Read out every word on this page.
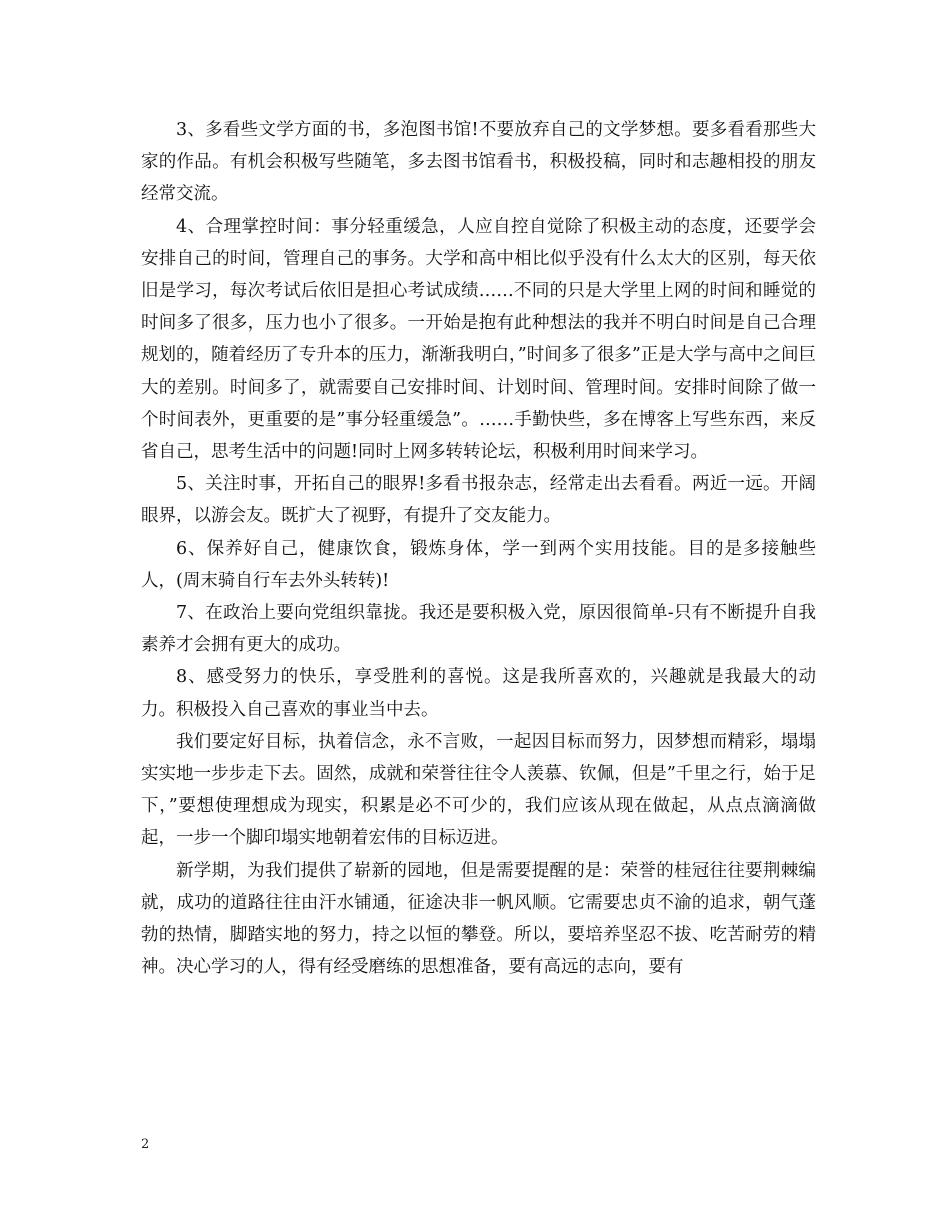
3、多看些文学方面的书，多泡图书馆!不要放弃自己的文学梦想。要多看看那些大家的作品。有机会积极写些随笔，多去图书馆看书，积极投稿，同时和志趣相投的朋友经常交流。

4、合理掌控时间：事分轻重缓急，人应自控自觉除了积极主动的态度，还要学会安排自己的时间，管理自己的事务。大学和高中相比似乎没有什么太大的区别，每天依旧是学习，每次考试后依旧是担心考试成绩……不同的只是大学里上网的时间和睡觉的时间多了很多，压力也小了很多。一开始是抱有此种想法的我并不明白时间是自己合理规划的，随着经历了专升本的压力，渐渐我明白，”时间多了很多”正是大学与高中之间巨大的差别。时间多了，就需要自己安排时间、计划时间、管理时间。安排时间除了做一个时间表外，更重要的是”事分轻重缓急”。……手勤快些，多在博客上写些东西，来反省自己，思考生活中的问题!同时上网多转转论坛，积极利用时间来学习。

5、关注时事，开拓自己的眼界!多看书报杂志，经常走出去看看。两近一远。开阔眼界，以游会友。既扩大了视野，有提升了交友能力。

6、保养好自己，健康饮食，锻炼身体，学一到两个实用技能。目的是多接触些人，(周末骑自行车去外头转转)!

7、在政治上要向党组织靠拢。我还是要积极入党，原因很简单-只有不断提升自我素养才会拥有更大的成功。

8、感受努力的快乐，享受胜利的喜悦。这是我所喜欢的，兴趣就是我最大的动力。积极投入自己喜欢的事业当中去。

我们要定好目标，执着信念，永不言败，一起因目标而努力，因梦想而精彩，塌塌实实地一步步走下去。固然，成就和荣誉往往令人羡慕、钦佩，但是”千里之行，始于足下，”要想使理想成为现实，积累是必不可少的，我们应该从现在做起，从点点滴滴做起，一步一个脚印塌实地朝着宏伟的目标迈进。

新学期，为我们提供了崭新的园地，但是需要提醒的是：荣誉的桂冠往往要荆棘编就，成功的道路往往由汗水铺通，征途决非一帆风顺。它需要忠贞不渝的追求，朝气蓬勃的热情，脚踏实地的努力，持之以恒的攀登。所以，要培养坚忍不拔、吃苦耐劳的精神。决心学习的人，得有经受磨练的思想准备，要有高远的志向，要有

2
